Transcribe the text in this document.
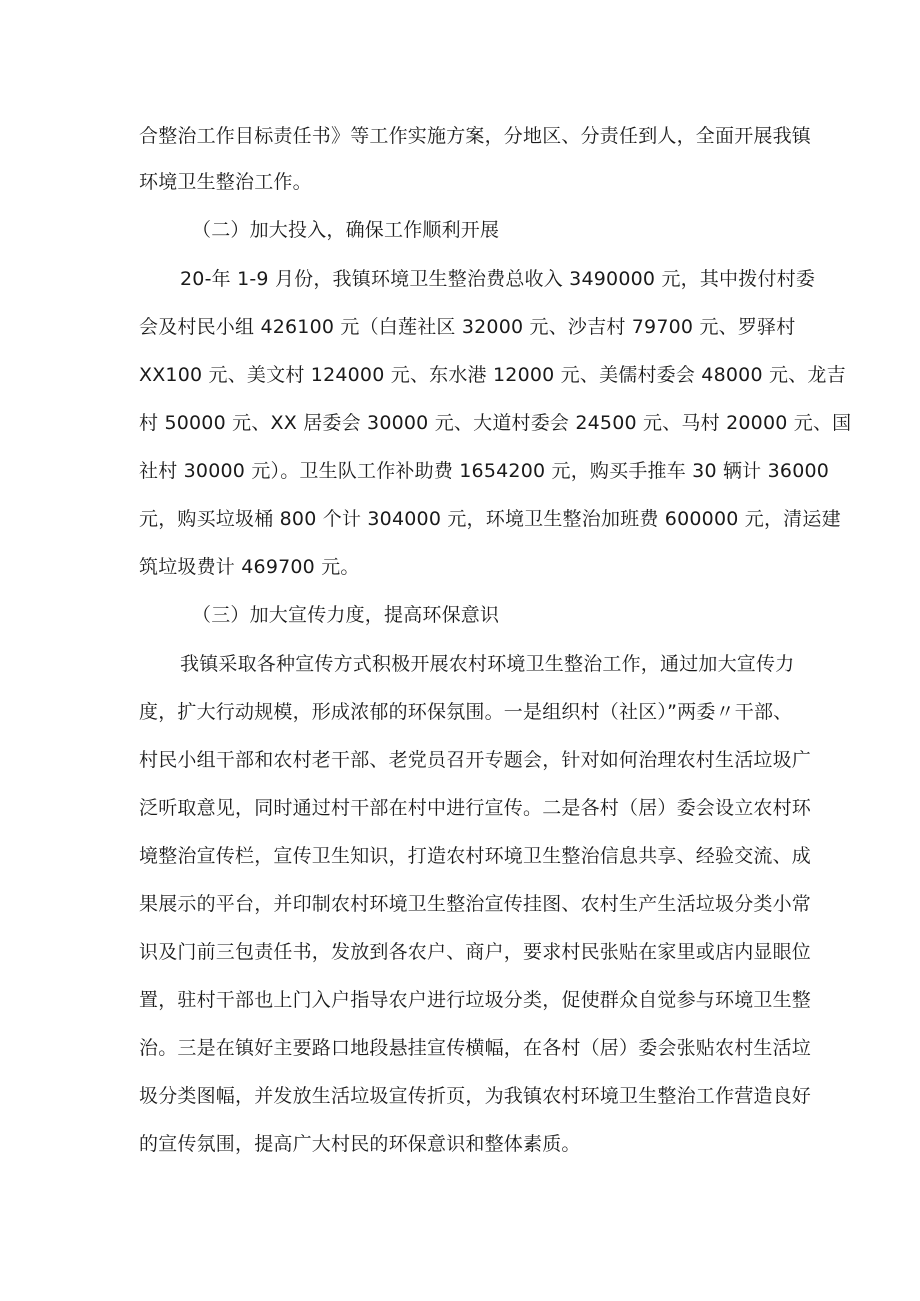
合整治工作目标责任书》等工作实施方案，分地区、分责任到人，全面开展我镇
环境卫生整治工作。
（二）加大投入，确保工作顺利开展
20-年 1-9 月份，我镇环境卫生整治费总收入 3490000 元，其中拨付村委
会及村民小组 426100 元（白莲社区 32000 元、沙吉村 79700 元、罗驿村
XX100 元、美文村 124000 元、东水港 12000 元、美儒村委会 48000 元、龙吉
村 50000 元、XX 居委会 30000 元、大道村委会 24500 元、马村 20000 元、国
社村 30000 元）。卫生队工作补助费 1654200 元，购买手推车 30 辆计 36000
元，购买垃圾桶 800 个计 304000 元，环境卫生整治加班费 600000 元，清运建
筑垃圾费计 469700 元。
（三）加大宣传力度，提高环保意识
我镇采取各种宣传方式积极开展农村环境卫生整治工作，通过加大宣传力
度，扩大行动规模，形成浓郁的环保氛围。一是组织村（社区）”两委〃干部、
村民小组干部和农村老干部、老党员召开专题会，针对如何治理农村生活垃圾广
泛听取意见，同时通过村干部在村中进行宣传。二是各村（居）委会设立农村环
境整治宣传栏，宣传卫生知识，打造农村环境卫生整治信息共享、经验交流、成
果展示的平台，并印制农村环境卫生整治宣传挂图、农村生产生活垃圾分类小常
识及门前三包责任书，发放到各农户、商户，要求村民张贴在家里或店内显眼位
置，驻村干部也上门入户指导农户进行垃圾分类，促使群众自觉参与环境卫生整
治。三是在镇好主要路口地段悬挂宣传横幅，在各村（居）委会张贴农村生活垃
圾分类图幅，并发放生活垃圾宣传折页，为我镇农村环境卫生整治工作营造良好
的宣传氛围，提高广大村民的环保意识和整体素质。
